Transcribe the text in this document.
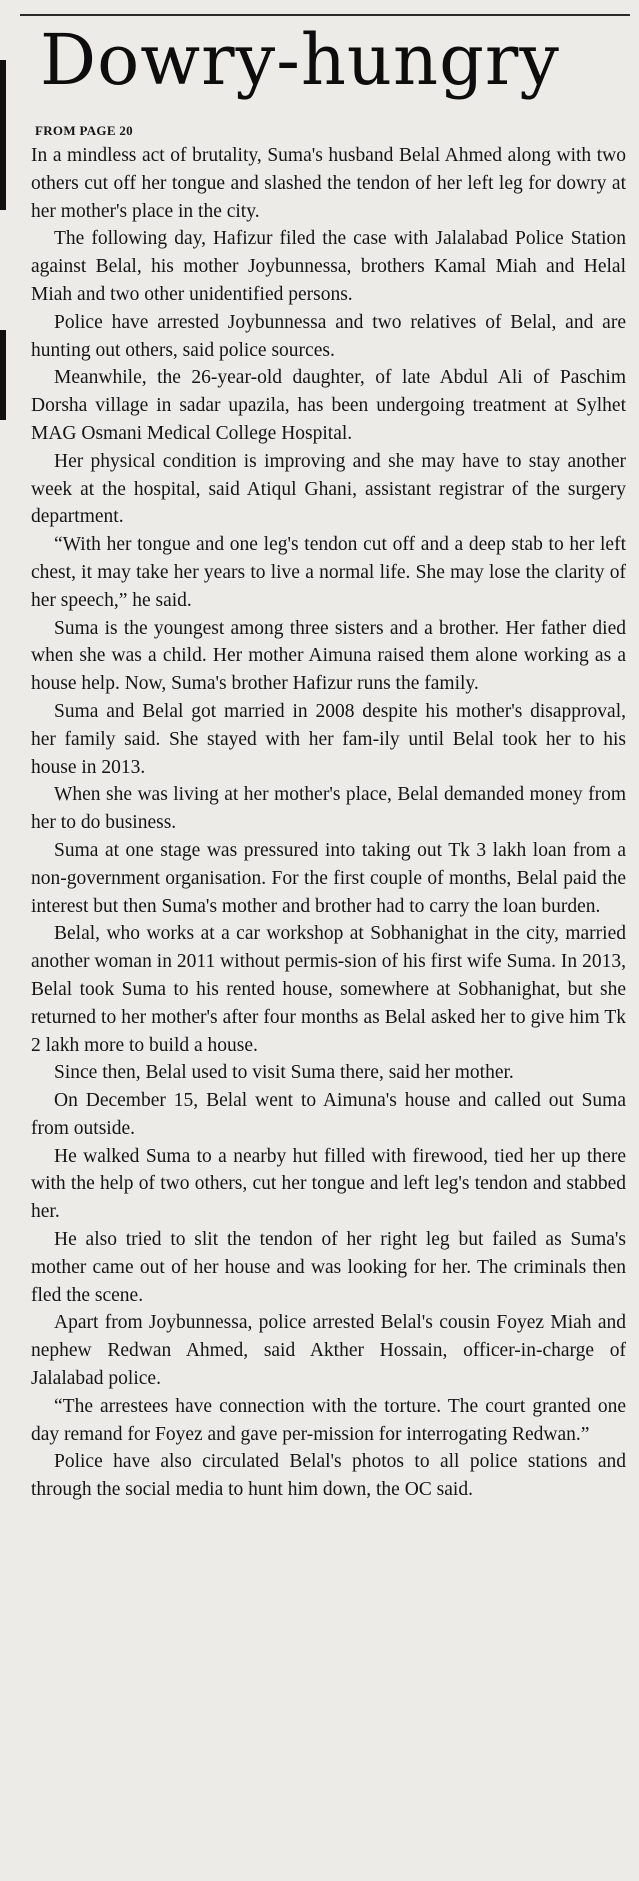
Dowry-hungry
FROM PAGE 20

In a mindless act of brutality, Suma's husband Belal Ahmed along with two others cut off her tongue and slashed the tendon of her left leg for dowry at her mother's place in the city.

The following day, Hafizur filed the case with Jalalabad Police Station against Belal, his mother Joybunnessa, brothers Kamal Miah and Helal Miah and two other unidentified persons.

Police have arrested Joybunnessa and two relatives of Belal, and are hunting out others, said police sources.

Meanwhile, the 26-year-old daughter, of late Abdul Ali of Paschim Dorsha village in sadar upazila, has been undergoing treatment at Sylhet MAG Osmani Medical College Hospital.

Her physical condition is improving and she may have to stay another week at the hospital, said Atiqul Ghani, assistant registrar of the surgery department.

“With her tongue and one leg's tendon cut off and a deep stab to her left chest, it may take her years to live a normal life. She may lose the clarity of her speech,” he said.

Suma is the youngest among three sisters and a brother. Her father died when she was a child. Her mother Aimuna raised them alone working as a house help. Now, Suma's brother Hafizur runs the family.

Suma and Belal got married in 2008 despite his mother's disapproval, her family said. She stayed with her fam-ily until Belal took her to his house in 2013.

When she was living at her mother's place, Belal demanded money from her to do business.

Suma at one stage was pressured into taking out Tk 3 lakh loan from a non-government organisation. For the first couple of months, Belal paid the interest but then Suma's mother and brother had to carry the loan burden.

Belal, who works at a car workshop at Sobhanighat in the city, married another woman in 2011 without permis-sion of his first wife Suma. In 2013, Belal took Suma to his rented house, somewhere at Sobhanighat, but she returned to her mother's after four months as Belal asked her to give him Tk 2 lakh more to build a house.

Since then, Belal used to visit Suma there, said her mother.

On December 15, Belal went to Aimuna's house and called out Suma from outside.

He walked Suma to a nearby hut filled with firewood, tied her up there with the help of two others, cut her tongue and left leg's tendon and stabbed her.

He also tried to slit the tendon of her right leg but failed as Suma's mother came out of her house and was looking for her. The criminals then fled the scene.

Apart from Joybunnessa, police arrested Belal's cousin Foyez Miah and nephew Redwan Ahmed, said Akther Hossain, officer-in-charge of Jalalabad police.

“The arrestees have connection with the torture. The court granted one day remand for Foyez and gave per-mission for interrogating Redwan.”

Police have also circulated Belal's photos to all police stations and through the social media to hunt him down, the OC said.
